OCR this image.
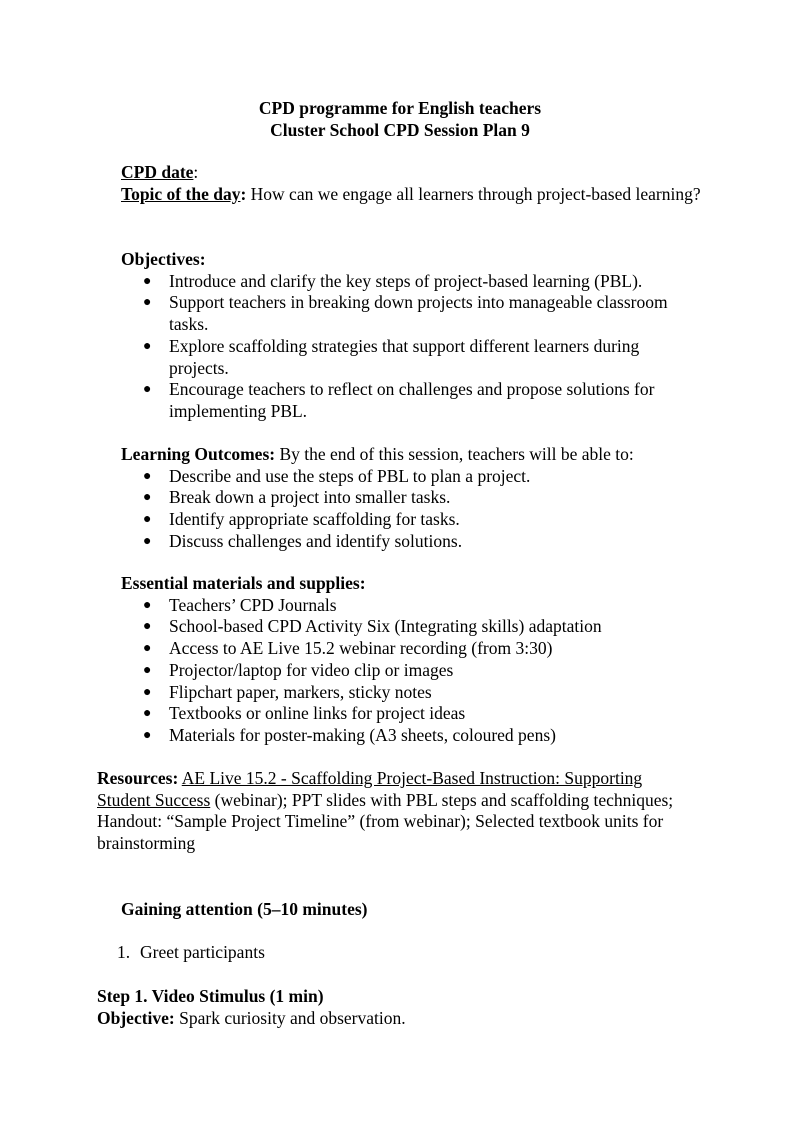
CPD programme for English teachers
Cluster School CPD Session Plan 9
CPD date:
Topic of the day: How can we engage all learners through project-based learning?
Objectives:
● Introduce and clarify the key steps of project-based learning (PBL).
● Support teachers in breaking down projects into manageable classroom tasks.
● Explore scaffolding strategies that support different learners during projects.
● Encourage teachers to reflect on challenges and propose solutions for implementing PBL.
Learning Outcomes: By the end of this session, teachers will be able to:
● Describe and use the steps of PBL to plan a project.
● Break down a project into smaller tasks.
● Identify appropriate scaffolding for tasks.
● Discuss challenges and identify solutions.
Essential materials and supplies:
● Teachers’ CPD Journals
● School-based CPD Activity Six (Integrating skills) adaptation
● Access to AE Live 15.2 webinar recording (from 3:30)
● Projector/laptop for video clip or images
● Flipchart paper, markers, sticky notes
● Textbooks or online links for project ideas
● Materials for poster-making (A3 sheets, coloured pens)
Resources: AE Live 15.2 - Scaffolding Project-Based Instruction: Supporting Student Success (webinar); PPT slides with PBL steps and scaffolding techniques; Handout: “Sample Project Timeline” (from webinar); Selected textbook units for brainstorming
Gaining attention (5–10 minutes)
1. Greet participants
Step 1. Video Stimulus (1 min)
Objective: Spark curiosity and observation.
